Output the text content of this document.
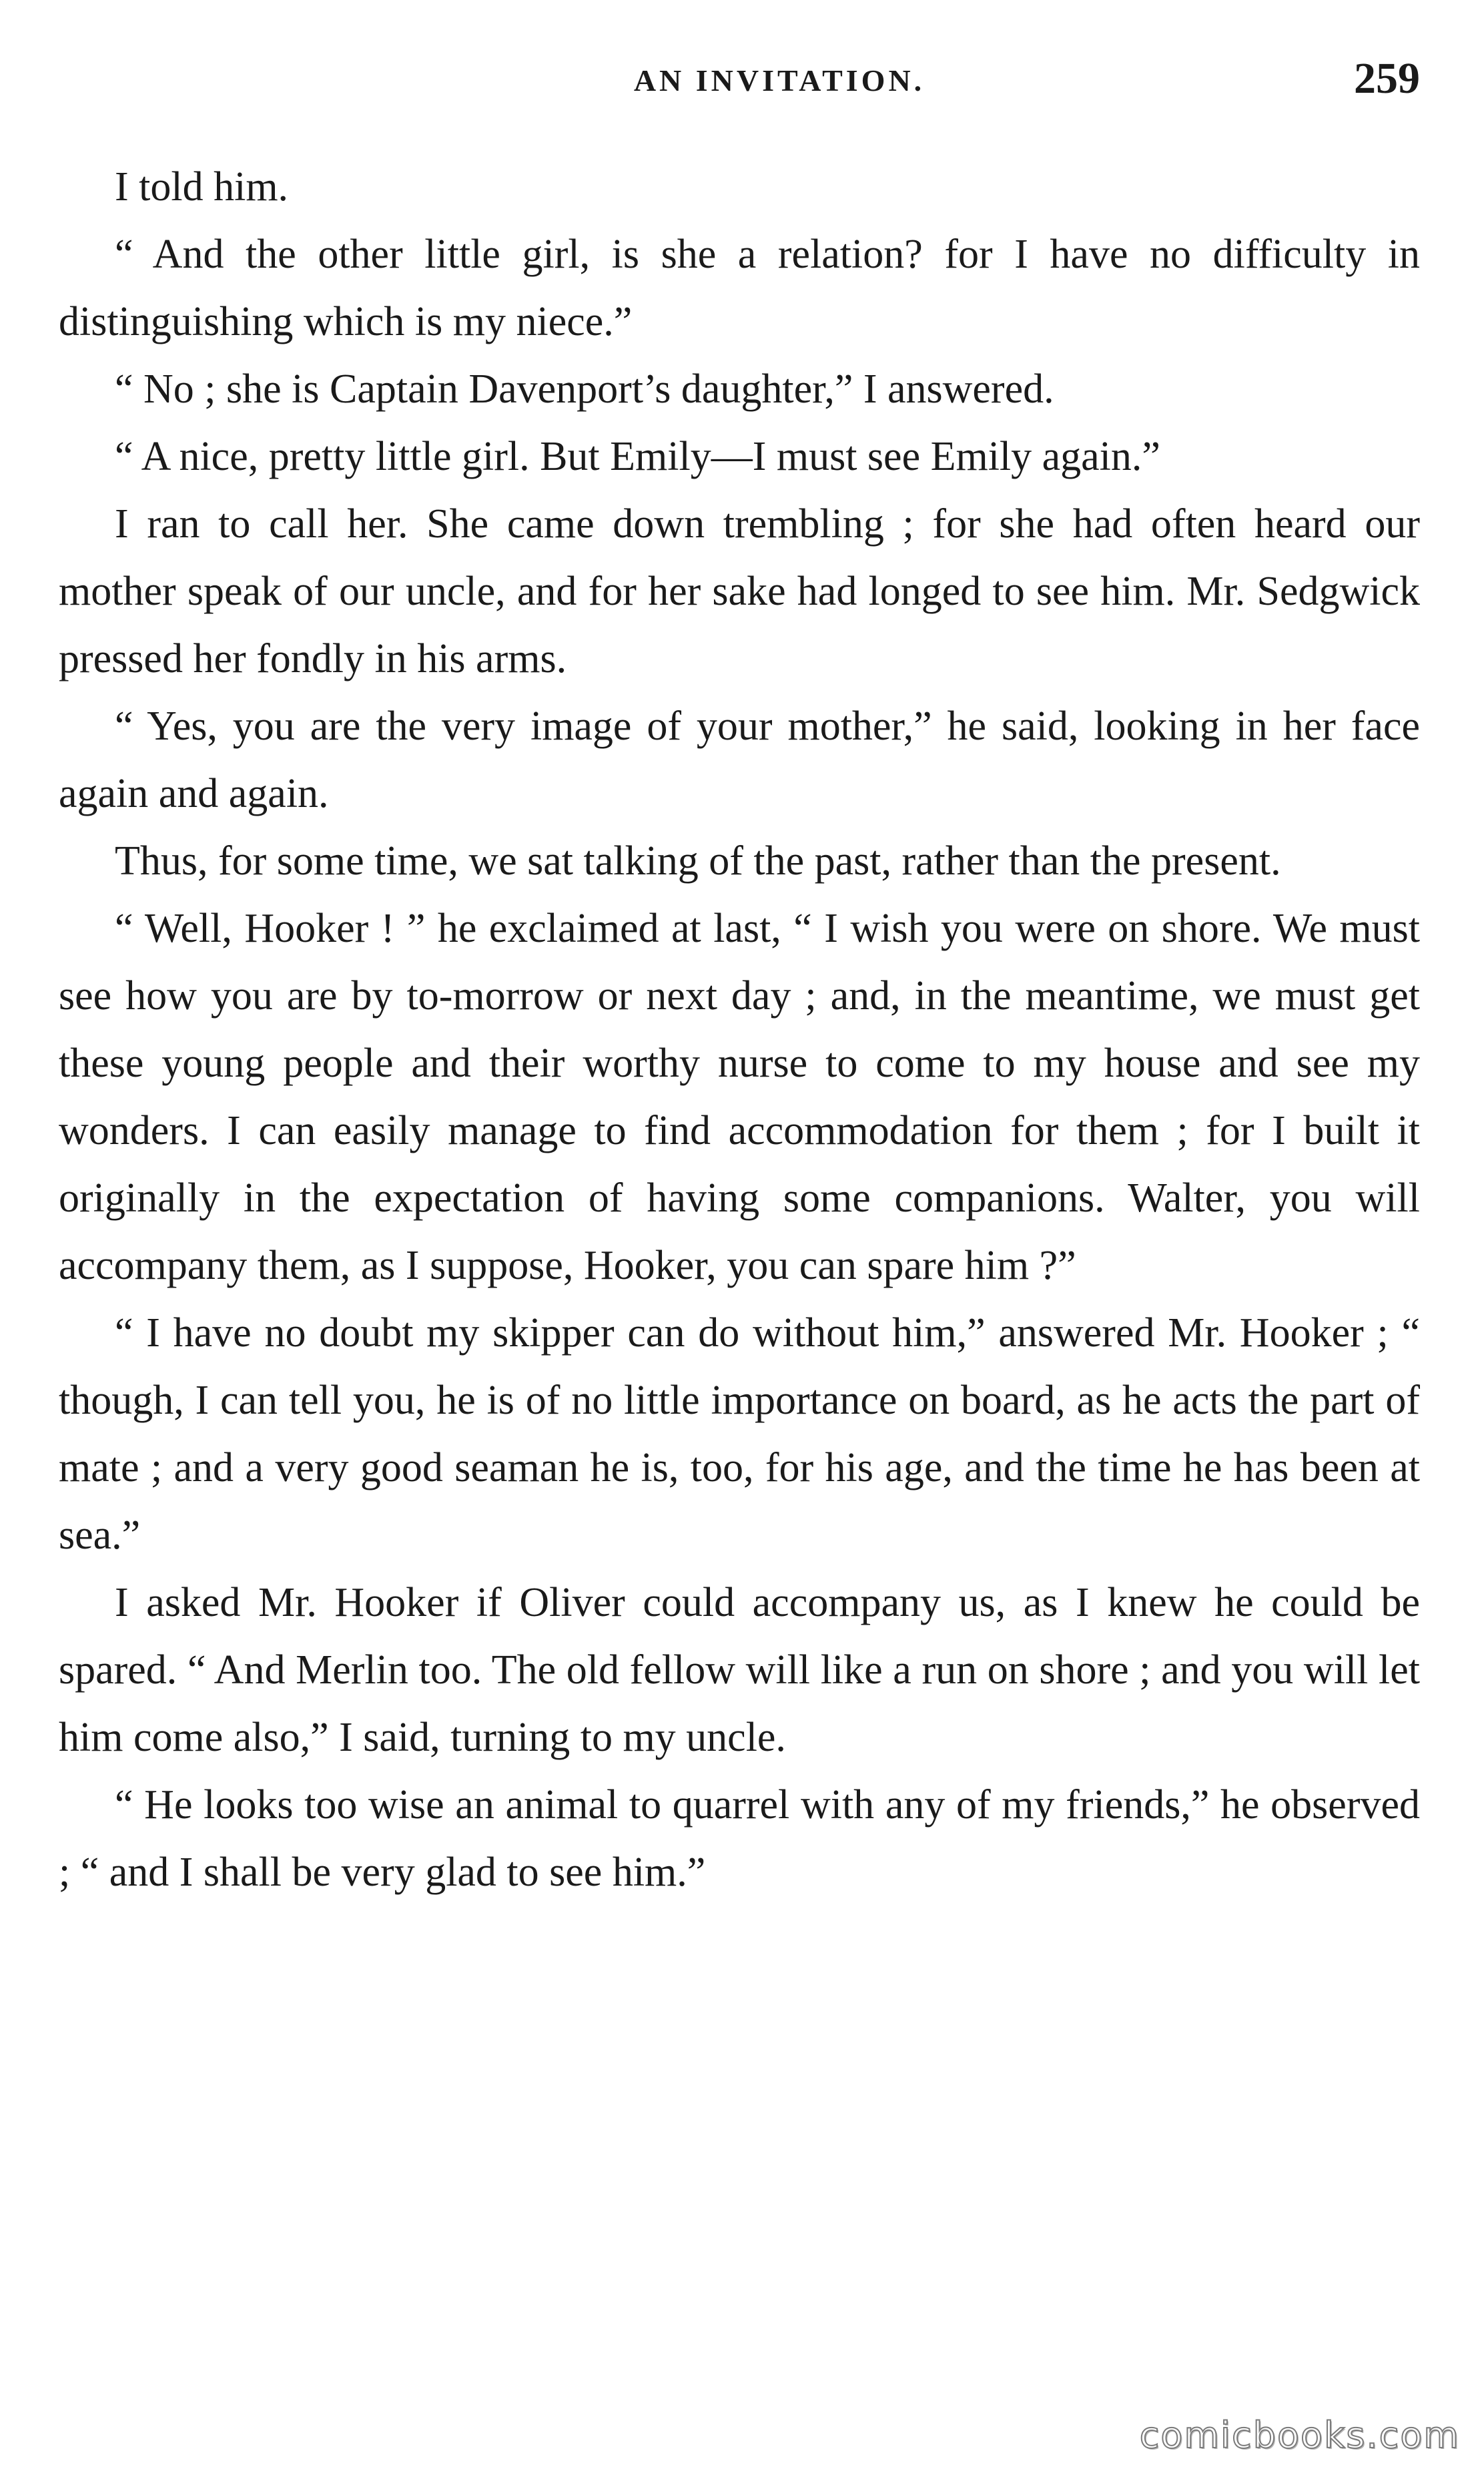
AN INVITATION.	259

I told him.

“ And the other little girl, is she a relation? for I have no difficulty in distinguishing which is my niece.”

“ No ; she is Captain Davenport’s daughter,” I answered.

“ A nice, pretty little girl. But Emily—I must see Emily again.”

I ran to call her. She came down trembling ; for she had often heard our mother speak of our uncle, and for her sake had longed to see him. Mr. Sedgwick pressed her fondly in his arms.

“ Yes, you are the very image of your mother,” he said, looking in her face again and again.

Thus, for some time, we sat talking of the past, rather than the present.

“ Well, Hooker ! ” he exclaimed at last, “ I wish you were on shore. We must see how you are by to-morrow or next day ; and, in the meantime, we must get these young people and their worthy nurse to come to my house and see my wonders. I can easily manage to find accommodation for them ; for I built it originally in the expectation of having some companions. Walter, you will accompany them, as I suppose, Hooker, you can spare him ?”

“ I have no doubt my skipper can do without him,” answered Mr. Hooker ; “ though, I can tell you, he is of no little importance on board, as he acts the part of mate ; and a very good seaman he is, too, for his age, and the time he has been at sea.”

I asked Mr. Hooker if Oliver could accompany us, as I knew he could be spared. “ And Merlin too. The old fellow will like a run on shore ; and you will let him come also,” I said, turning to my uncle.

“ He looks too wise an animal to quarrel with any of my friends,” he observed ; “ and I shall be very glad to see him.”

comicbooks.com
